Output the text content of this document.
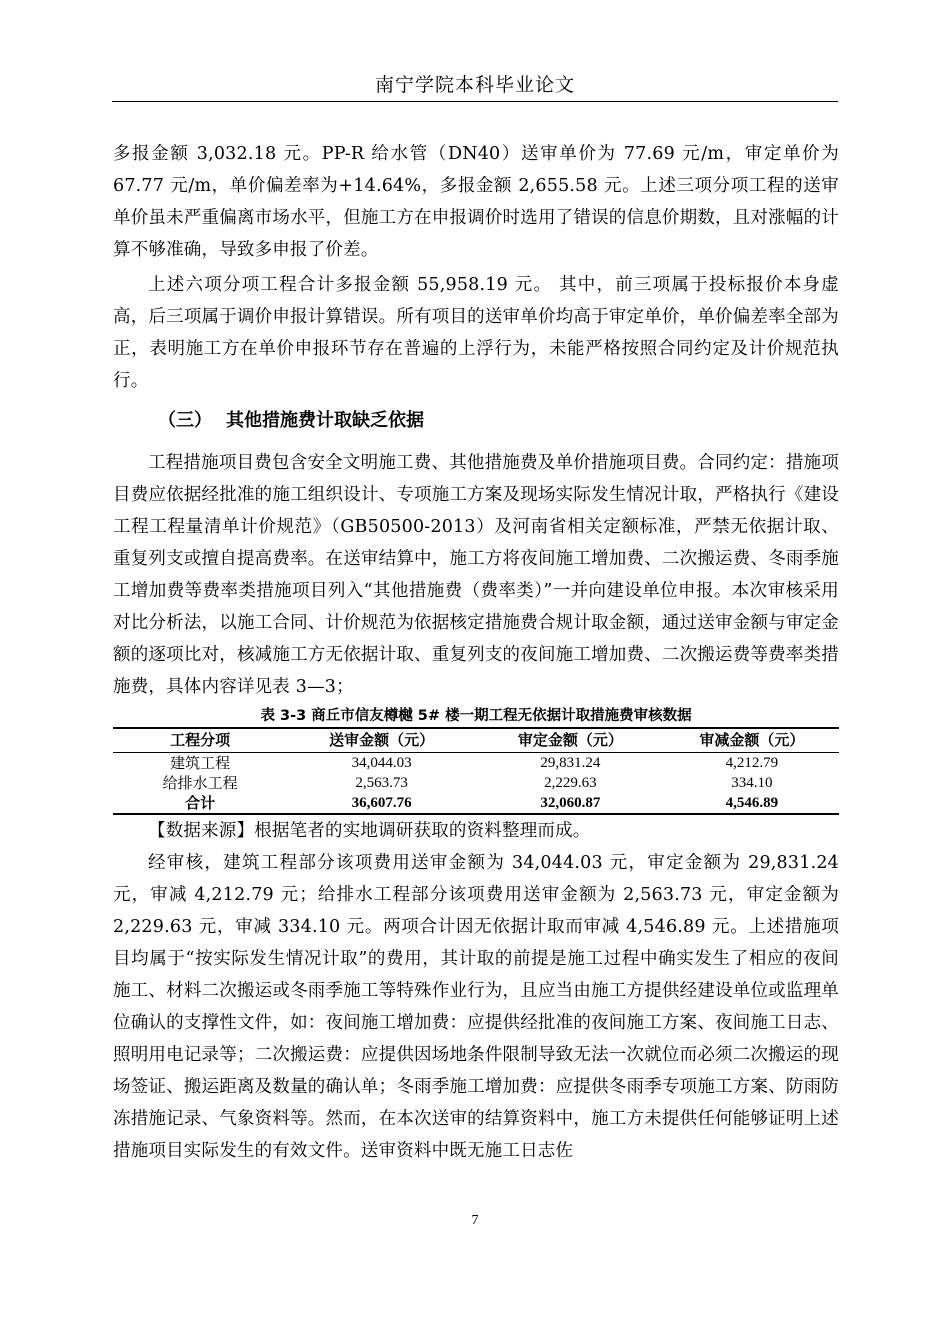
南宁学院本科毕业论文

多报金额 3,032.18 元。PP-R 给水管（DN40）送审单价为 77.69 元/m，审定单价为 67.77 元/m，单价偏差率为+14.64%，多报金额 2,655.58 元。上述三项分项工程的送审单价虽未严重偏离市场水平，但施工方在申报调价时选用了错误的信息价期数，且对涨幅的计算不够准确，导致多申报了价差。

上述六项分项工程合计多报金额 55,958.19 元。 其中，前三项属于投标报价本身虚高，后三项属于调价申报计算错误。所有项目的送审单价均高于审定单价，单价偏差率全部为正，表明施工方在单价申报环节存在普遍的上浮行为，未能严格按照合同约定及计价规范执行。

（三） 其他措施费计取缺乏依据

工程措施项目费包含安全文明施工费、其他措施费及单价措施项目费。合同约定：措施项目费应依据经批准的施工组织设计、专项施工方案及现场实际发生情况计取，严格执行《建设工程工程量清单计价规范》（GB50500-2013）及河南省相关定额标准，严禁无依据计取、重复列支或擅自提高费率。在送审结算中，施工方将夜间施工增加费、二次搬运费、冬雨季施工增加费等费率类措施项目列入“其他措施费（费率类）”一并向建设单位申报。本次审核采用对比分析法，以施工合同、计价规范为依据核定措施费合规计取金额，通过送审金额与审定金额的逐项比对，核减施工方无依据计取、重复列支的夜间施工增加费、二次搬运费等费率类措施费，具体内容详见表 3—3；

表 3-3 商丘市信友樽樾 5# 楼一期工程无依据计取措施费审核数据
工程分项	送审金额（元）	审定金额（元）	审减金额（元）
建筑工程	34,044.03	29,831.24	4,212.79
给排水工程	2,563.73	2,229.63	334.10
合计	36,607.76	32,060.87	4,546.89

【数据来源】根据笔者的实地调研获取的资料整理而成。

经审核，建筑工程部分该项费用送审金额为 34,044.03 元，审定金额为 29,831.24 元，审减 4,212.79 元；给排水工程部分该项费用送审金额为 2,563.73 元，审定金额为 2,229.63 元，审减 334.10 元。两项合计因无依据计取而审减 4,546.89 元。上述措施项目均属于“按实际发生情况计取”的费用，其计取的前提是施工过程中确实发生了相应的夜间施工、材料二次搬运或冬雨季施工等特殊作业行为，且应当由施工方提供经建设单位或监理单位确认的支撑性文件，如：夜间施工增加费：应提供经批准的夜间施工方案、夜间施工日志、照明用电记录等；二次搬运费：应提供因场地条件限制导致无法一次就位而必须二次搬运的现场签证、搬运距离及数量的确认单；冬雨季施工增加费：应提供冬雨季专项施工方案、防雨防冻措施记录、气象资料等。然而，在本次送审的结算资料中，施工方未提供任何能够证明上述措施项目实际发生的有效文件。送审资料中既无施工日志佐

7
